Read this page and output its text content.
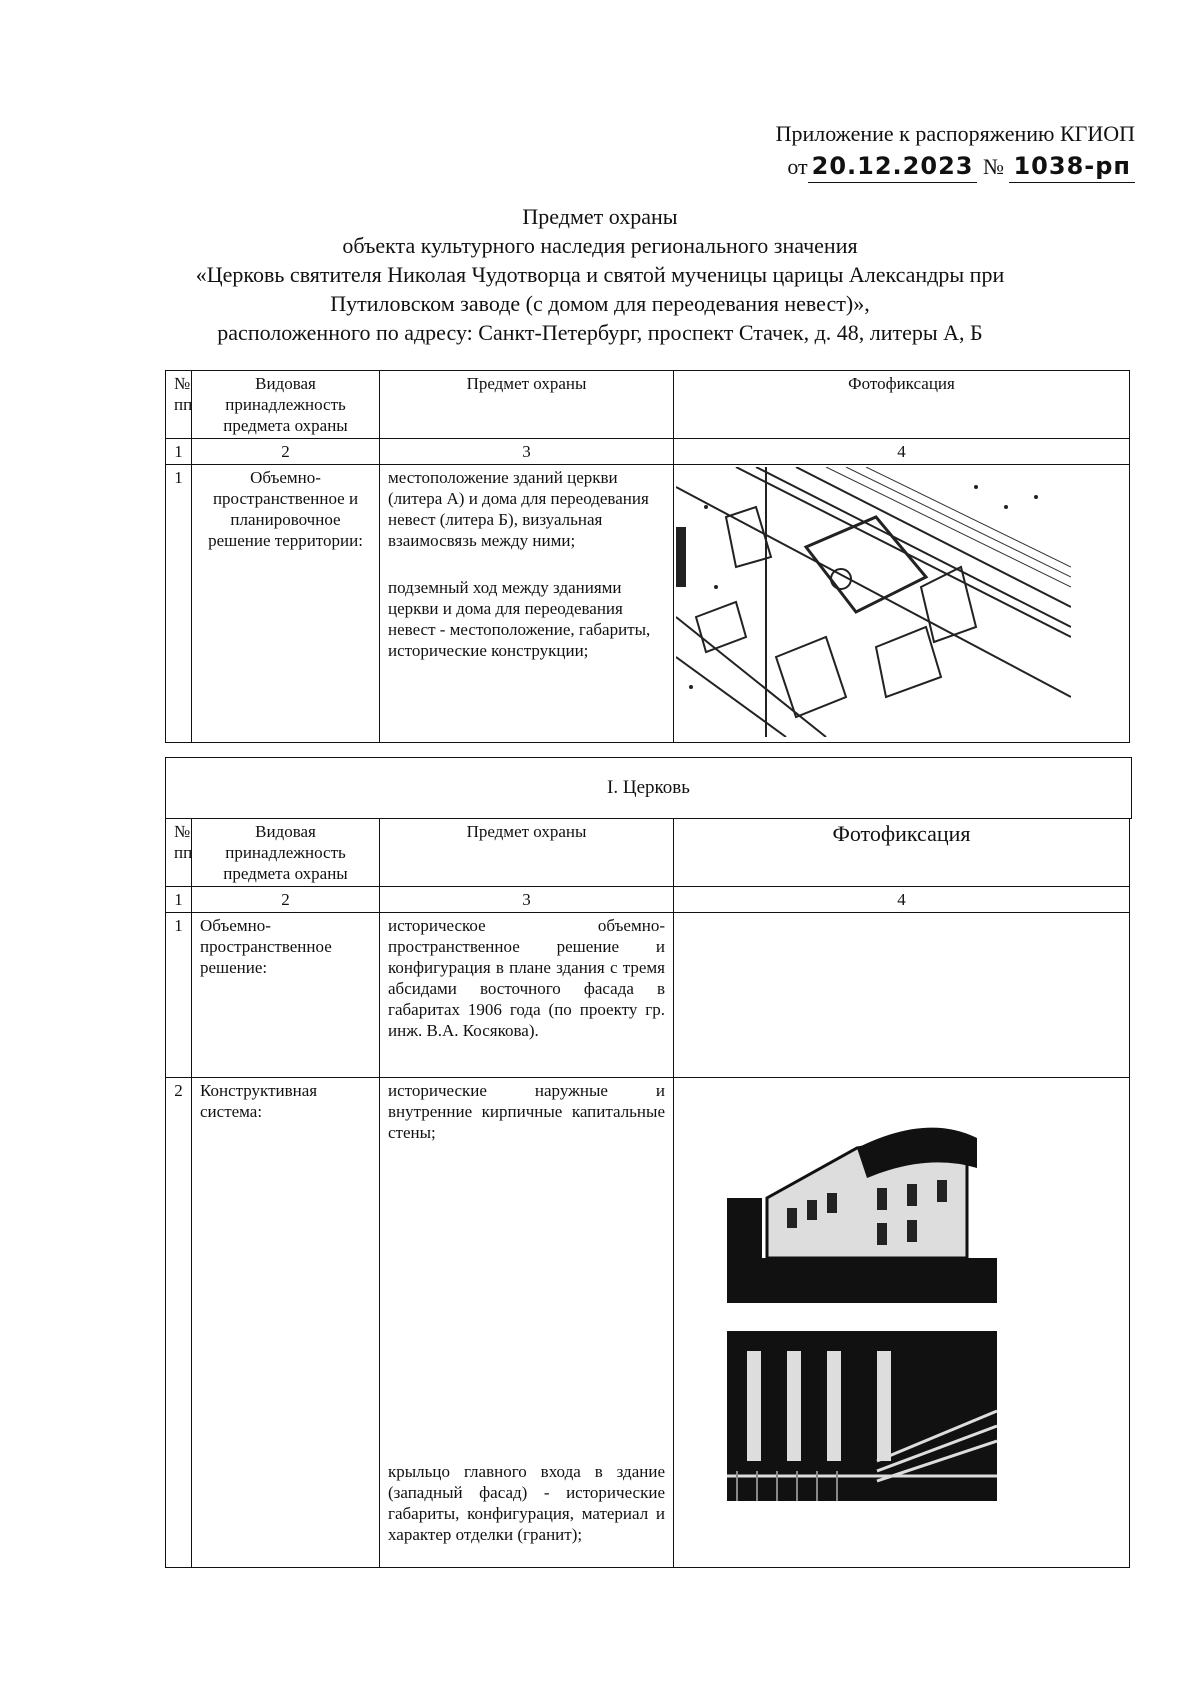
Приложение к распоряжению КГИОП
от 20.12.2023 № 1038-рп
Предмет охраны
объекта культурного наследия регионального значения
«Церковь святителя Николая Чудотворца и святой мученицы царицы Александры при
Путиловском заводе (с домом для переодевания невест)»,
расположенного по адресу: Санкт-Петербург, проспект Стачек, д. 48, литеры А, Б
№ пп	Видовая принадлежность предмета охраны	Предмет охраны	Фотофиксация
1	2	3	4
1	Объемно-пространственное и планировочное решение территории:	местоположение зданий церкви (литера А) и дома для переодевания невест (литера Б), визуальная взаимосвязь между ними;
подземный ход между зданиями церкви и дома для переодевания невест - местоположение, габариты, исторические конструкции;

I. Церковь
№ пп	Видовая принадлежность предмета охраны	Предмет охраны	Фотофиксация
1	2	3	4
1	Объемно-пространственное решение:	историческое объемно-пространственное решение и конфигурация в плане здания с тремя абсидами восточного фасада в габаритах 1906 года (по проекту гр. инж. В.А. Косякова).	
2	Конструктивная система:	исторические наружные и внутренние кирпичные капитальные стены;
крыльцо главного входа в здание (западный фасад) - исторические габариты, конфигурация, материал и характер отделки (гранит);
